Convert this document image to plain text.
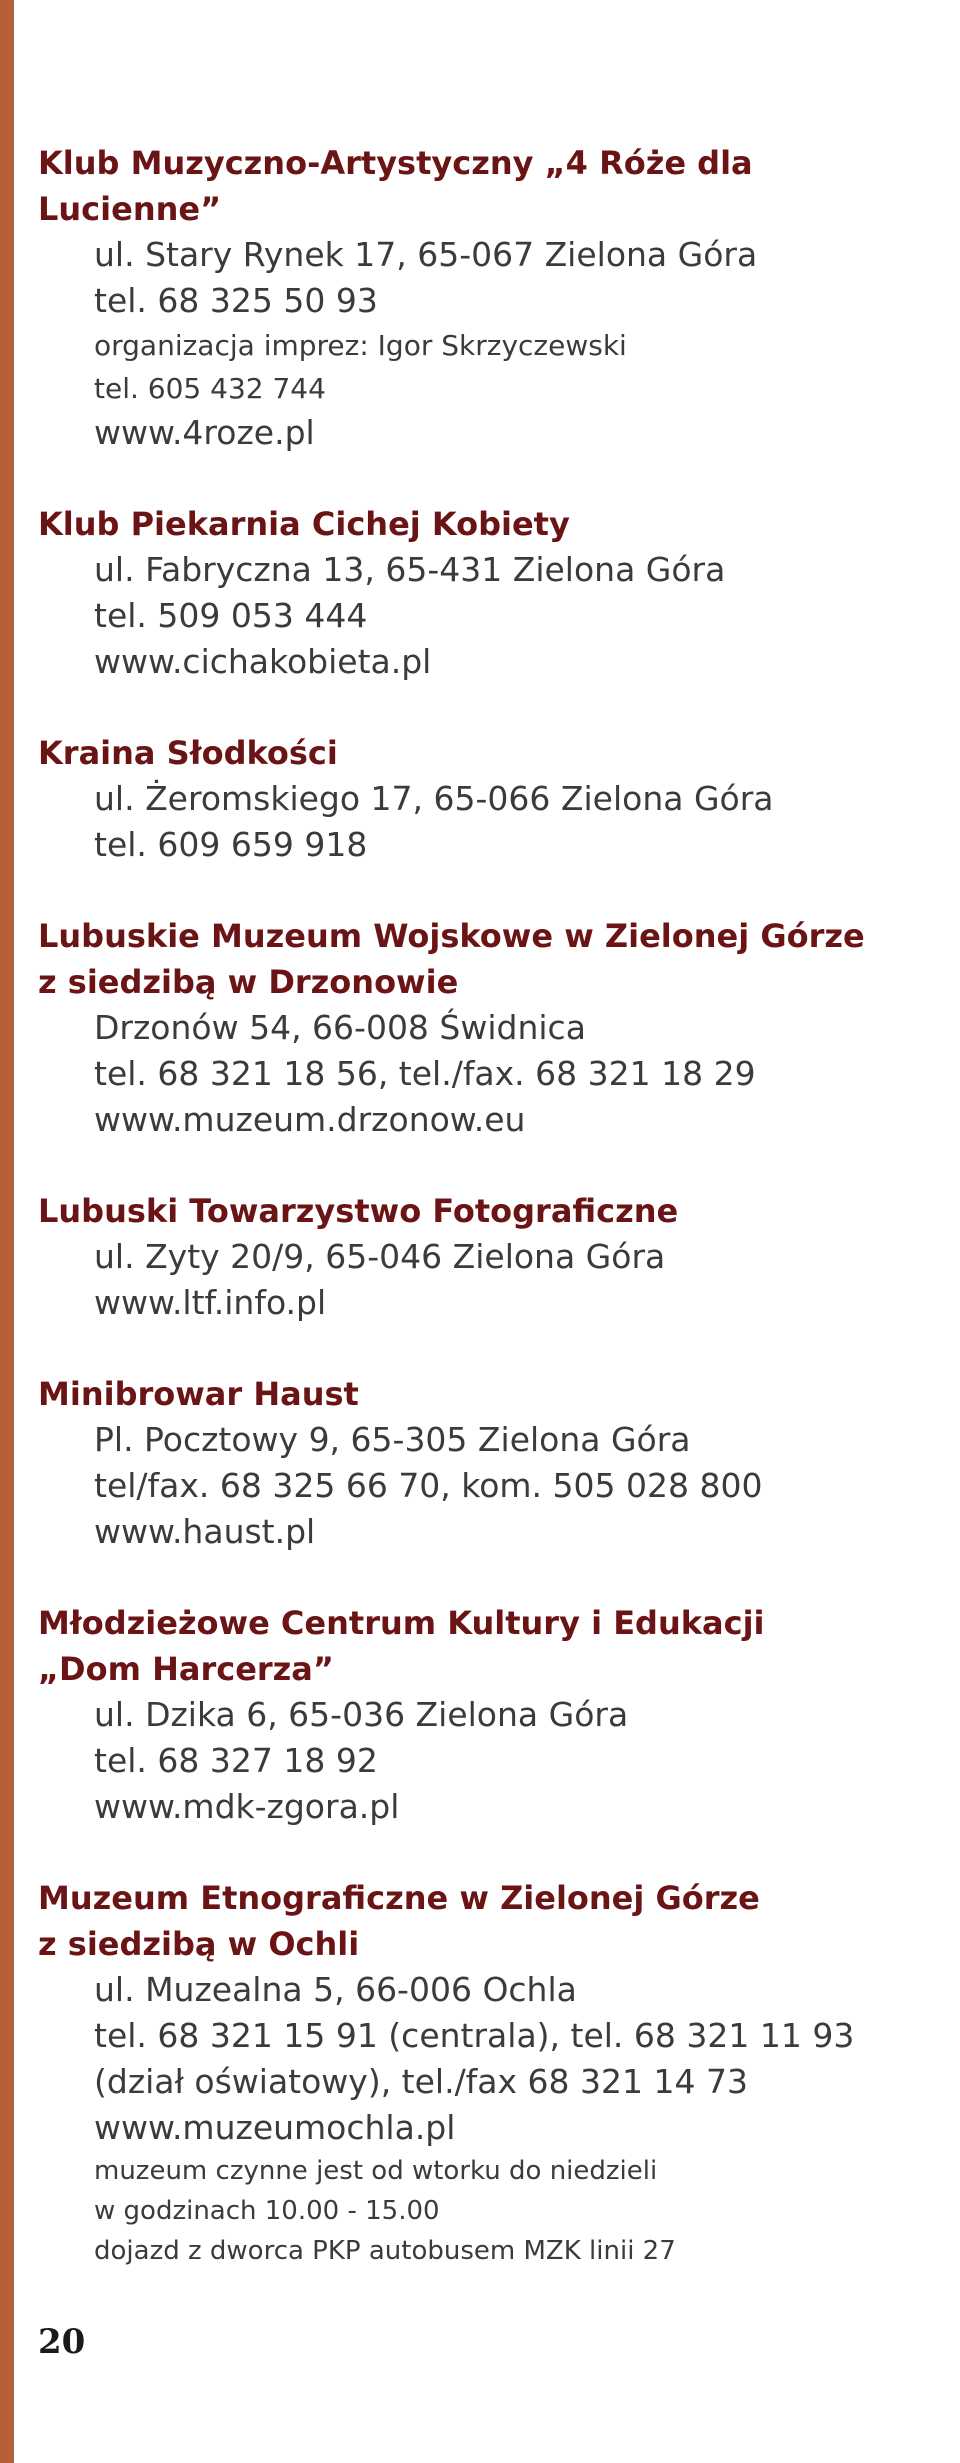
Klub Muzyczno-Artystyczny „4 Róże dla Lucienne”
ul. Stary Rynek 17, 65-067 Zielona Góra
tel. 68 325 50 93
organizacja imprez: Igor Skrzyczewski
tel. 605 432 744
www.4roze.pl
Klub Piekarnia Cichej Kobiety
ul. Fabryczna 13, 65-431 Zielona Góra
tel. 509 053 444
www.cichakobieta.pl
Kraina Słodkości
ul. Żeromskiego 17, 65-066 Zielona Góra
tel. 609 659 918
Lubuskie Muzeum Wojskowe w Zielonej Górze
z siedzibą w Drzonowie
Drzonów 54, 66-008 Świdnica
tel. 68 321 18 56, tel./fax. 68 321 18 29
www.muzeum.drzonow.eu
Lubuski Towarzystwo Fotograficzne
ul. Zyty 20/9, 65-046 Zielona Góra
www.ltf.info.pl
Minibrowar Haust
Pl. Pocztowy 9, 65-305 Zielona Góra
tel/fax. 68 325 66 70, kom. 505 028 800
www.haust.pl
Młodzieżowe Centrum Kultury i Edukacji
„Dom Harcerza”
ul. Dzika 6, 65-036 Zielona Góra
tel. 68 327 18 92
www.mdk-zgora.pl
Muzeum Etnograficzne w Zielonej Górze
z siedzibą w Ochli
ul. Muzealna 5, 66-006 Ochla
tel. 68 321 15 91 (centrala), tel. 68 321 11 93
(dział oświatowy), tel./fax 68 321 14 73
www.muzeumochla.pl
muzeum czynne jest od wtorku do niedzieli
w godzinach 10.00 - 15.00
dojazd z dworca PKP autobusem MZK linii 27
20
